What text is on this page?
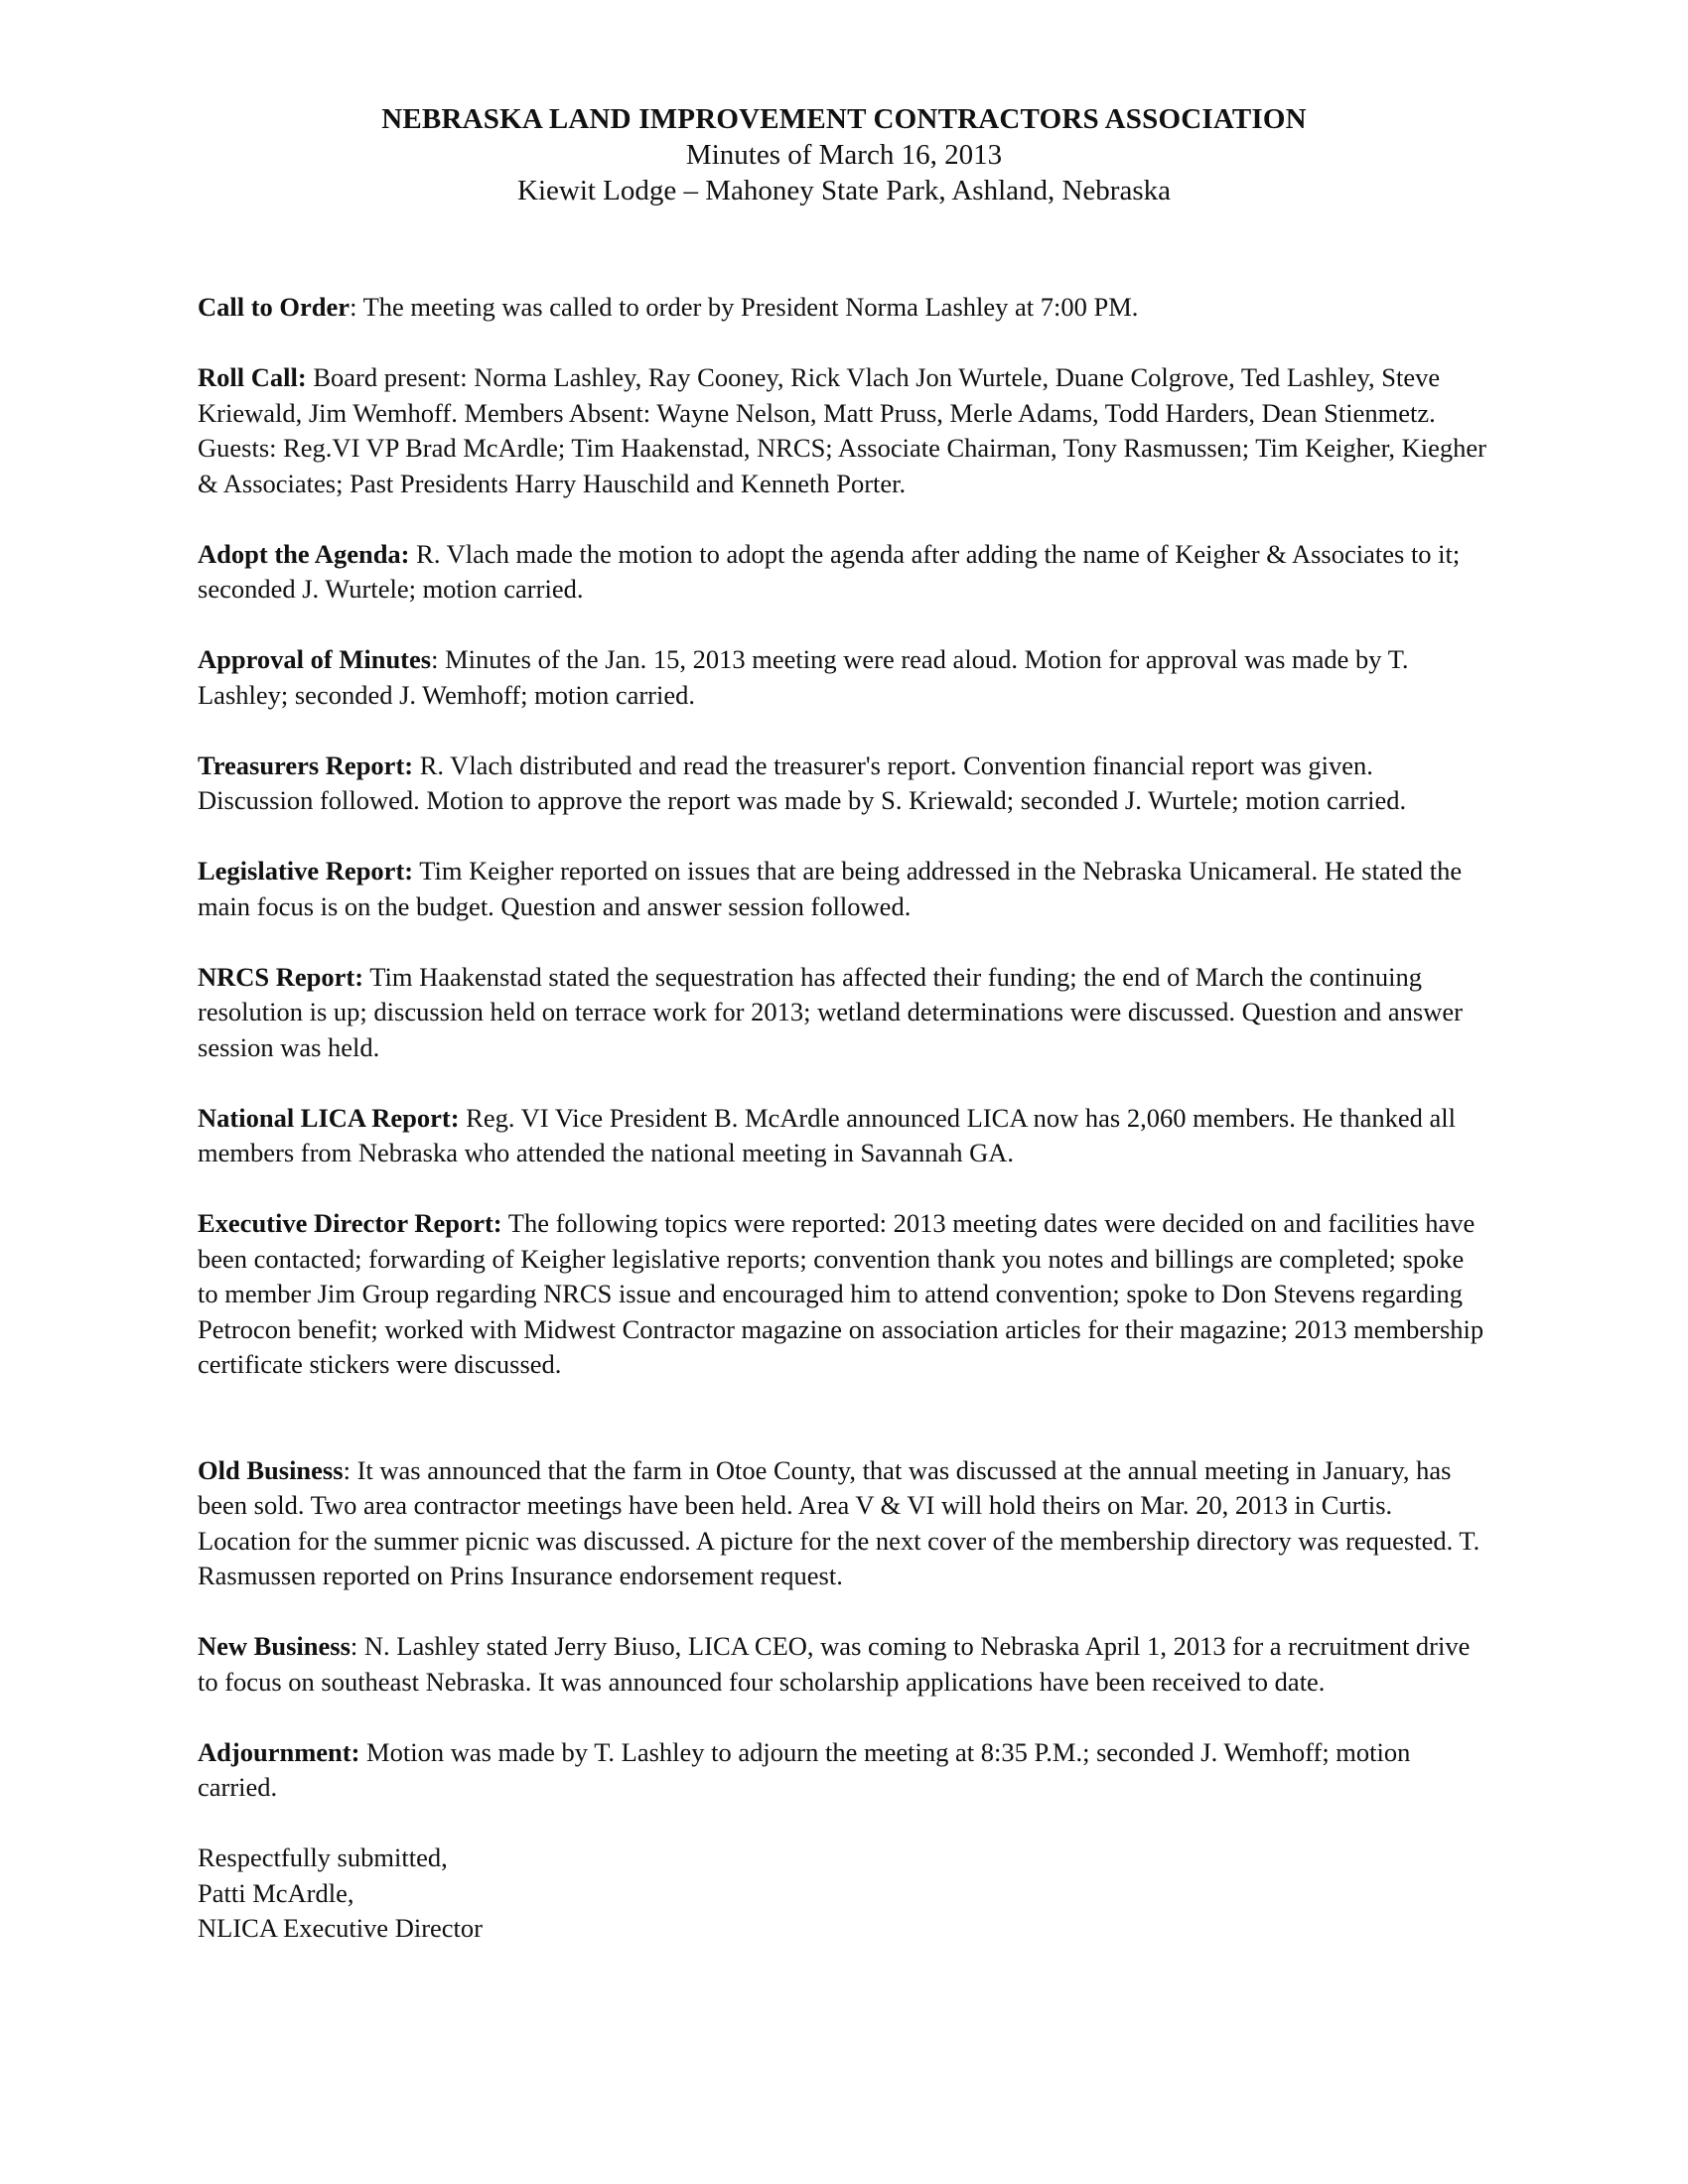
NEBRASKA LAND IMPROVEMENT CONTRACTORS ASSOCIATION
Minutes of March 16, 2013
Kiewit Lodge – Mahoney State Park, Ashland, Nebraska

Call to Order: The meeting was called to order by President Norma Lashley at 7:00 PM.

Roll Call: Board present: Norma Lashley, Ray Cooney, Rick Vlach Jon Wurtele, Duane Colgrove, Ted Lashley, Steve Kriewald, Jim Wemhoff. Members Absent: Wayne Nelson, Matt Pruss, Merle Adams, Todd Harders, Dean Stienmetz. Guests: Reg.VI VP Brad McArdle; Tim Haakenstad, NRCS; Associate Chairman, Tony Rasmussen; Tim Keigher, Kiegher & Associates; Past Presidents Harry Hauschild and Kenneth Porter.

Adopt the Agenda: R. Vlach made the motion to adopt the agenda after adding the name of Keigher & Associates to it; seconded J. Wurtele; motion carried.

Approval of Minutes: Minutes of the Jan. 15, 2013 meeting were read aloud. Motion for approval was made by T. Lashley; seconded J. Wemhoff; motion carried.

Treasurers Report: R. Vlach distributed and read the treasurer's report. Convention financial report was given. Discussion followed. Motion to approve the report was made by S. Kriewald; seconded J. Wurtele; motion carried.

Legislative Report: Tim Keigher reported on issues that are being addressed in the Nebraska Unicameral. He stated the main focus is on the budget. Question and answer session followed.

NRCS Report: Tim Haakenstad stated the sequestration has affected their funding; the end of March the continuing resolution is up; discussion held on terrace work for 2013; wetland determinations were discussed. Question and answer session was held.

National LICA Report: Reg. VI Vice President B. McArdle announced LICA now has 2,060 members. He thanked all members from Nebraska who attended the national meeting in Savannah GA.

Executive Director Report: The following topics were reported: 2013 meeting dates were decided on and facilities have been contacted; forwarding of Keigher legislative reports; convention thank you notes and billings are completed; spoke to member Jim Group regarding NRCS issue and encouraged him to attend convention; spoke to Don Stevens regarding Petrocon benefit; worked with Midwest Contractor magazine on association articles for their magazine; 2013 membership certificate stickers were discussed.

Old Business: It was announced that the farm in Otoe County, that was discussed at the annual meeting in January, has been sold. Two area contractor meetings have been held. Area V & VI will hold theirs on Mar. 20, 2013 in Curtis. Location for the summer picnic was discussed. A picture for the next cover of the membership directory was requested. T. Rasmussen reported on Prins Insurance endorsement request.

New Business: N. Lashley stated Jerry Biuso, LICA CEO, was coming to Nebraska April 1, 2013 for a recruitment drive to focus on southeast Nebraska. It was announced four scholarship applications have been received to date.

Adjournment: Motion was made by T. Lashley to adjourn the meeting at 8:35 P.M.; seconded J. Wemhoff; motion carried.

Respectfully submitted,

Patti McArdle,

NLICA Executive Director
